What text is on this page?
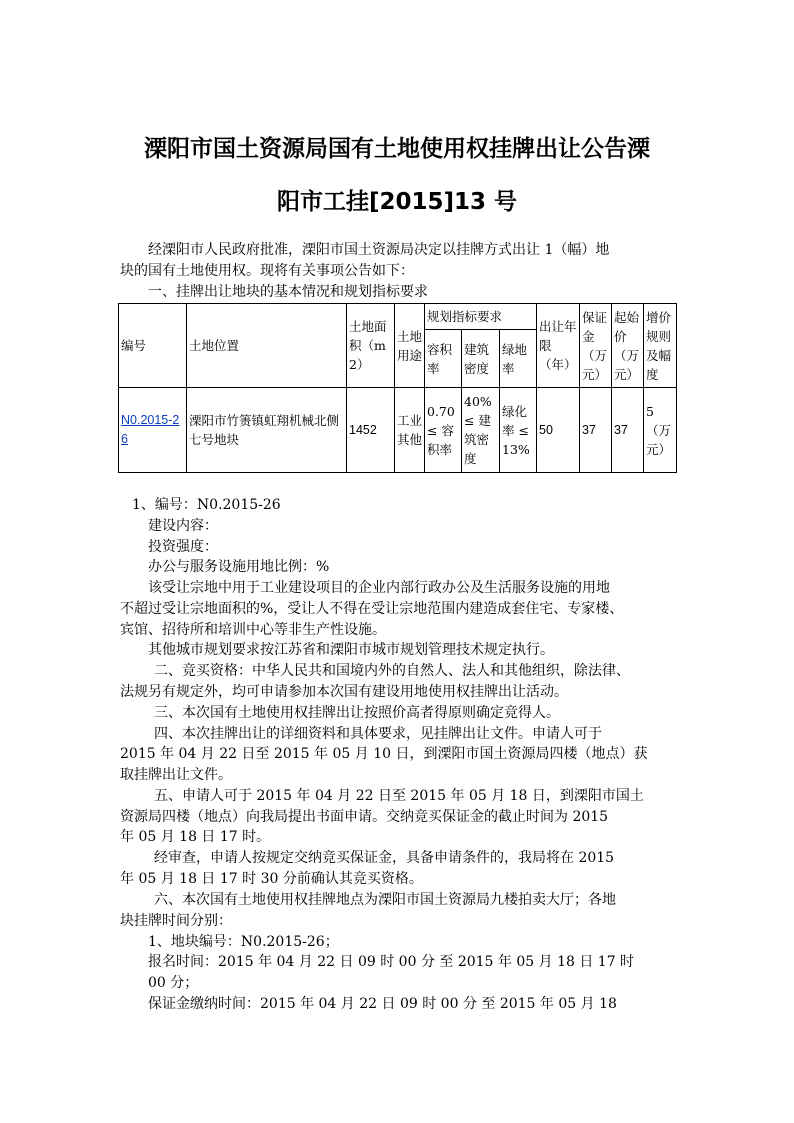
溧阳市国土资源局国有土地使用权挂牌出让公告溧
阳市工挂[2015]13 号
经溧阳市人民政府批准，溧阳市国土资源局决定以挂牌方式出让 1（幅）地
块的国有土地使用权。现将有关事项公告如下：
一、挂牌出让地块的基本情况和规划指标要求
编号	土地位置	土地面积（m2）	土地用途	规划指标要求			出让年限（年）	保证金（万元）	起始价（万元）	增价规则及幅度
				容积率	建筑密度	绿地率				
N0.2015-26	溧阳市竹箦镇虹翔机械北侧七号地块	1452	工业其他	0.70 ≤ 容积率	40% ≤ 建筑密度	绿化率 ≤ 13%	50	37	37	5（万元）
1、编号：N0.2015-26
建设内容：
投资强度：
办公与服务设施用地比例：%
该受让宗地中用于工业建设项目的企业内部行政办公及生活服务设施的用地
不超过受让宗地面积的%，受让人不得在受让宗地范围内建造成套住宅、专家楼、
宾馆、招待所和培训中心等非生产性设施。
其他城市规划要求按江苏省和溧阳市城市规划管理技术规定执行。
二、竞买资格：中华人民共和国境内外的自然人、法人和其他组织，除法律、
法规另有规定外，均可申请参加本次国有建设用地使用权挂牌出让活动。
三、本次国有土地使用权挂牌出让按照价高者得原则确定竞得人。
四、本次挂牌出让的详细资料和具体要求，见挂牌出让文件。申请人可于
2015 年 04 月 22 日至 2015 年 05 月 10 日，到溧阳市国土资源局四楼（地点）获
取挂牌出让文件。
五、申请人可于 2015 年 04 月 22 日至 2015 年 05 月 18 日，到溧阳市国土
资源局四楼（地点）向我局提出书面申请。交纳竞买保证金的截止时间为 2015
年 05 月 18 日 17 时。
经审查，申请人按规定交纳竞买保证金，具备申请条件的，我局将在 2015
年 05 月 18 日 17 时 30 分前确认其竞买资格。
六、本次国有土地使用权挂牌地点为溧阳市国土资源局九楼拍卖大厅；各地
块挂牌时间分别：
1、地块编号：N0.2015-26；
报名时间：2015 年 04 月 22 日 09 时 00 分 至 2015 年 05 月 18 日 17 时
00 分；
保证金缴纳时间：2015 年 04 月 22 日 09 时 00 分 至 2015 年 05 月 18
